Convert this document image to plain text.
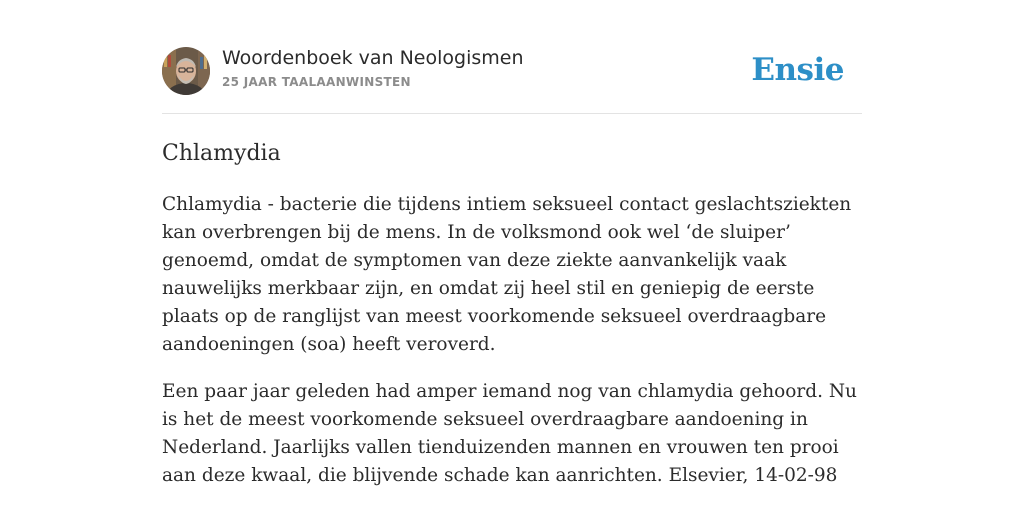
Woordenboek van Neologismen

25 JAAR TAALAANWINSTEN	Ensie
Chlamydia

Chlamydia - bacterie die tijdens intiem seksueel contact geslachtsziekten kan overbrengen bij de mens. In de volksmond ook wel ‘de sluiper’ genoemd, omdat de symptomen van deze ziekte aanvankelijk vaak nauwelijks merkbaar zijn, en omdat zij heel stil en geniepig de eerste plaats op de ranglijst van meest voorkomende seksueel overdraagbare aandoeningen (soa) heeft veroverd.

Een paar jaar geleden had amper iemand nog van chlamydia gehoord. Nu is het de meest voorkomende seksueel overdraagbare aandoening in Nederland. Jaarlijks vallen tienduizenden mannen en vrouwen ten prooi aan deze kwaal, die blijvende schade kan aanrichten. Elsevier, 14-02-98
